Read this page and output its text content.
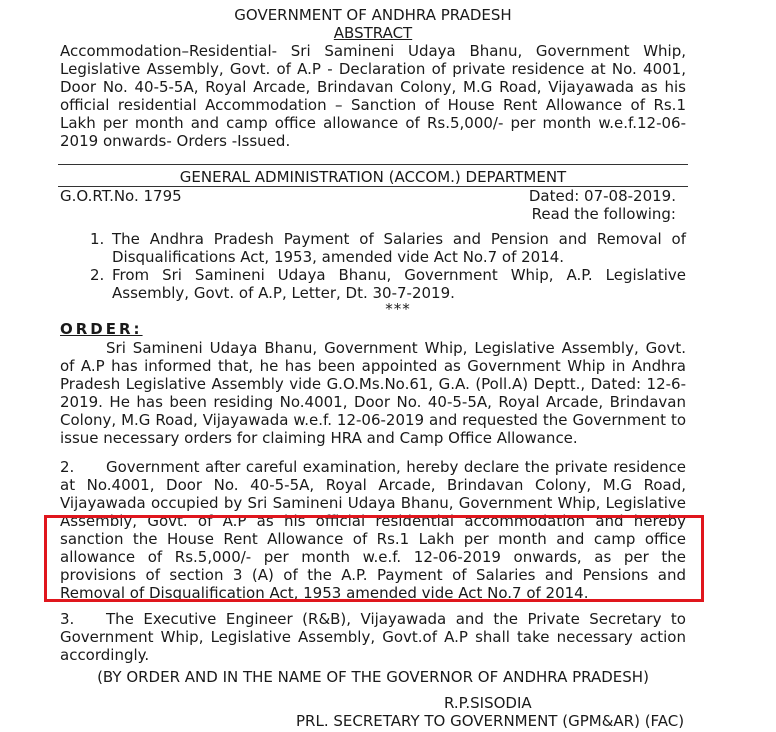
GOVERNMENT OF ANDHRA PRADESH
ABSTRACT
Accommodation–Residential- Sri Samineni Udaya Bhanu, Government Whip, Legislative Assembly, Govt. of A.P - Declaration of private residence at No. 4001, Door No. 40-5-5A, Royal Arcade, Brindavan Colony, M.G Road, Vijayawada as his official residential Accommodation – Sanction of House Rent Allowance of Rs.1 Lakh per month and camp office allowance of Rs.5,000/- per month w.e.f.12-06-2019 onwards- Orders -Issued.
GENERAL ADMINISTRATION (ACCOM.) DEPARTMENT
G.O.RT.No. 1795	Dated: 07-08-2019.
Read the following:
1. The Andhra Pradesh Payment of Salaries and Pension and Removal of Disqualifications Act, 1953, amended vide Act No.7 of 2014.
2. From Sri Samineni Udaya Bhanu, Government Whip, A.P. Legislative Assembly, Govt. of A.P, Letter, Dt. 30-7-2019.
***
ORDER:
Sri Samineni Udaya Bhanu, Government Whip, Legislative Assembly, Govt. of A.P has informed that, he has been appointed as Government Whip in Andhra Pradesh Legislative Assembly vide G.O.Ms.No.61, G.A. (Poll.A) Deptt., Dated: 12-6-2019. He has been residing No.4001, Door No. 40-5-5A, Royal Arcade, Brindavan Colony, M.G Road, Vijayawada w.e.f. 12-06-2019 and requested the Government to issue necessary orders for claiming HRA and Camp Office Allowance.
2. Government after careful examination, hereby declare the private residence at No.4001, Door No. 40-5-5A, Royal Arcade, Brindavan Colony, M.G Road, Vijayawada occupied by Sri Samineni Udaya Bhanu, Government Whip, Legislative Assembly, Govt. of A.P as his official residential accommodation and hereby sanction the House Rent Allowance of Rs.1 Lakh per month and camp office allowance of Rs.5,000/- per month w.e.f. 12-06-2019 onwards, as per the provisions of section 3 (A) of the A.P. Payment of Salaries and Pensions and Removal of Disqualification Act, 1953 amended vide Act No.7 of 2014.
3. The Executive Engineer (R&B), Vijayawada and the Private Secretary to Government Whip, Legislative Assembly, Govt.of A.P shall take necessary action accordingly.
(BY ORDER AND IN THE NAME OF THE GOVERNOR OF ANDHRA PRADESH)
R.P.SISODIA
PRL. SECRETARY TO GOVERNMENT (GPM&AR) (FAC)
